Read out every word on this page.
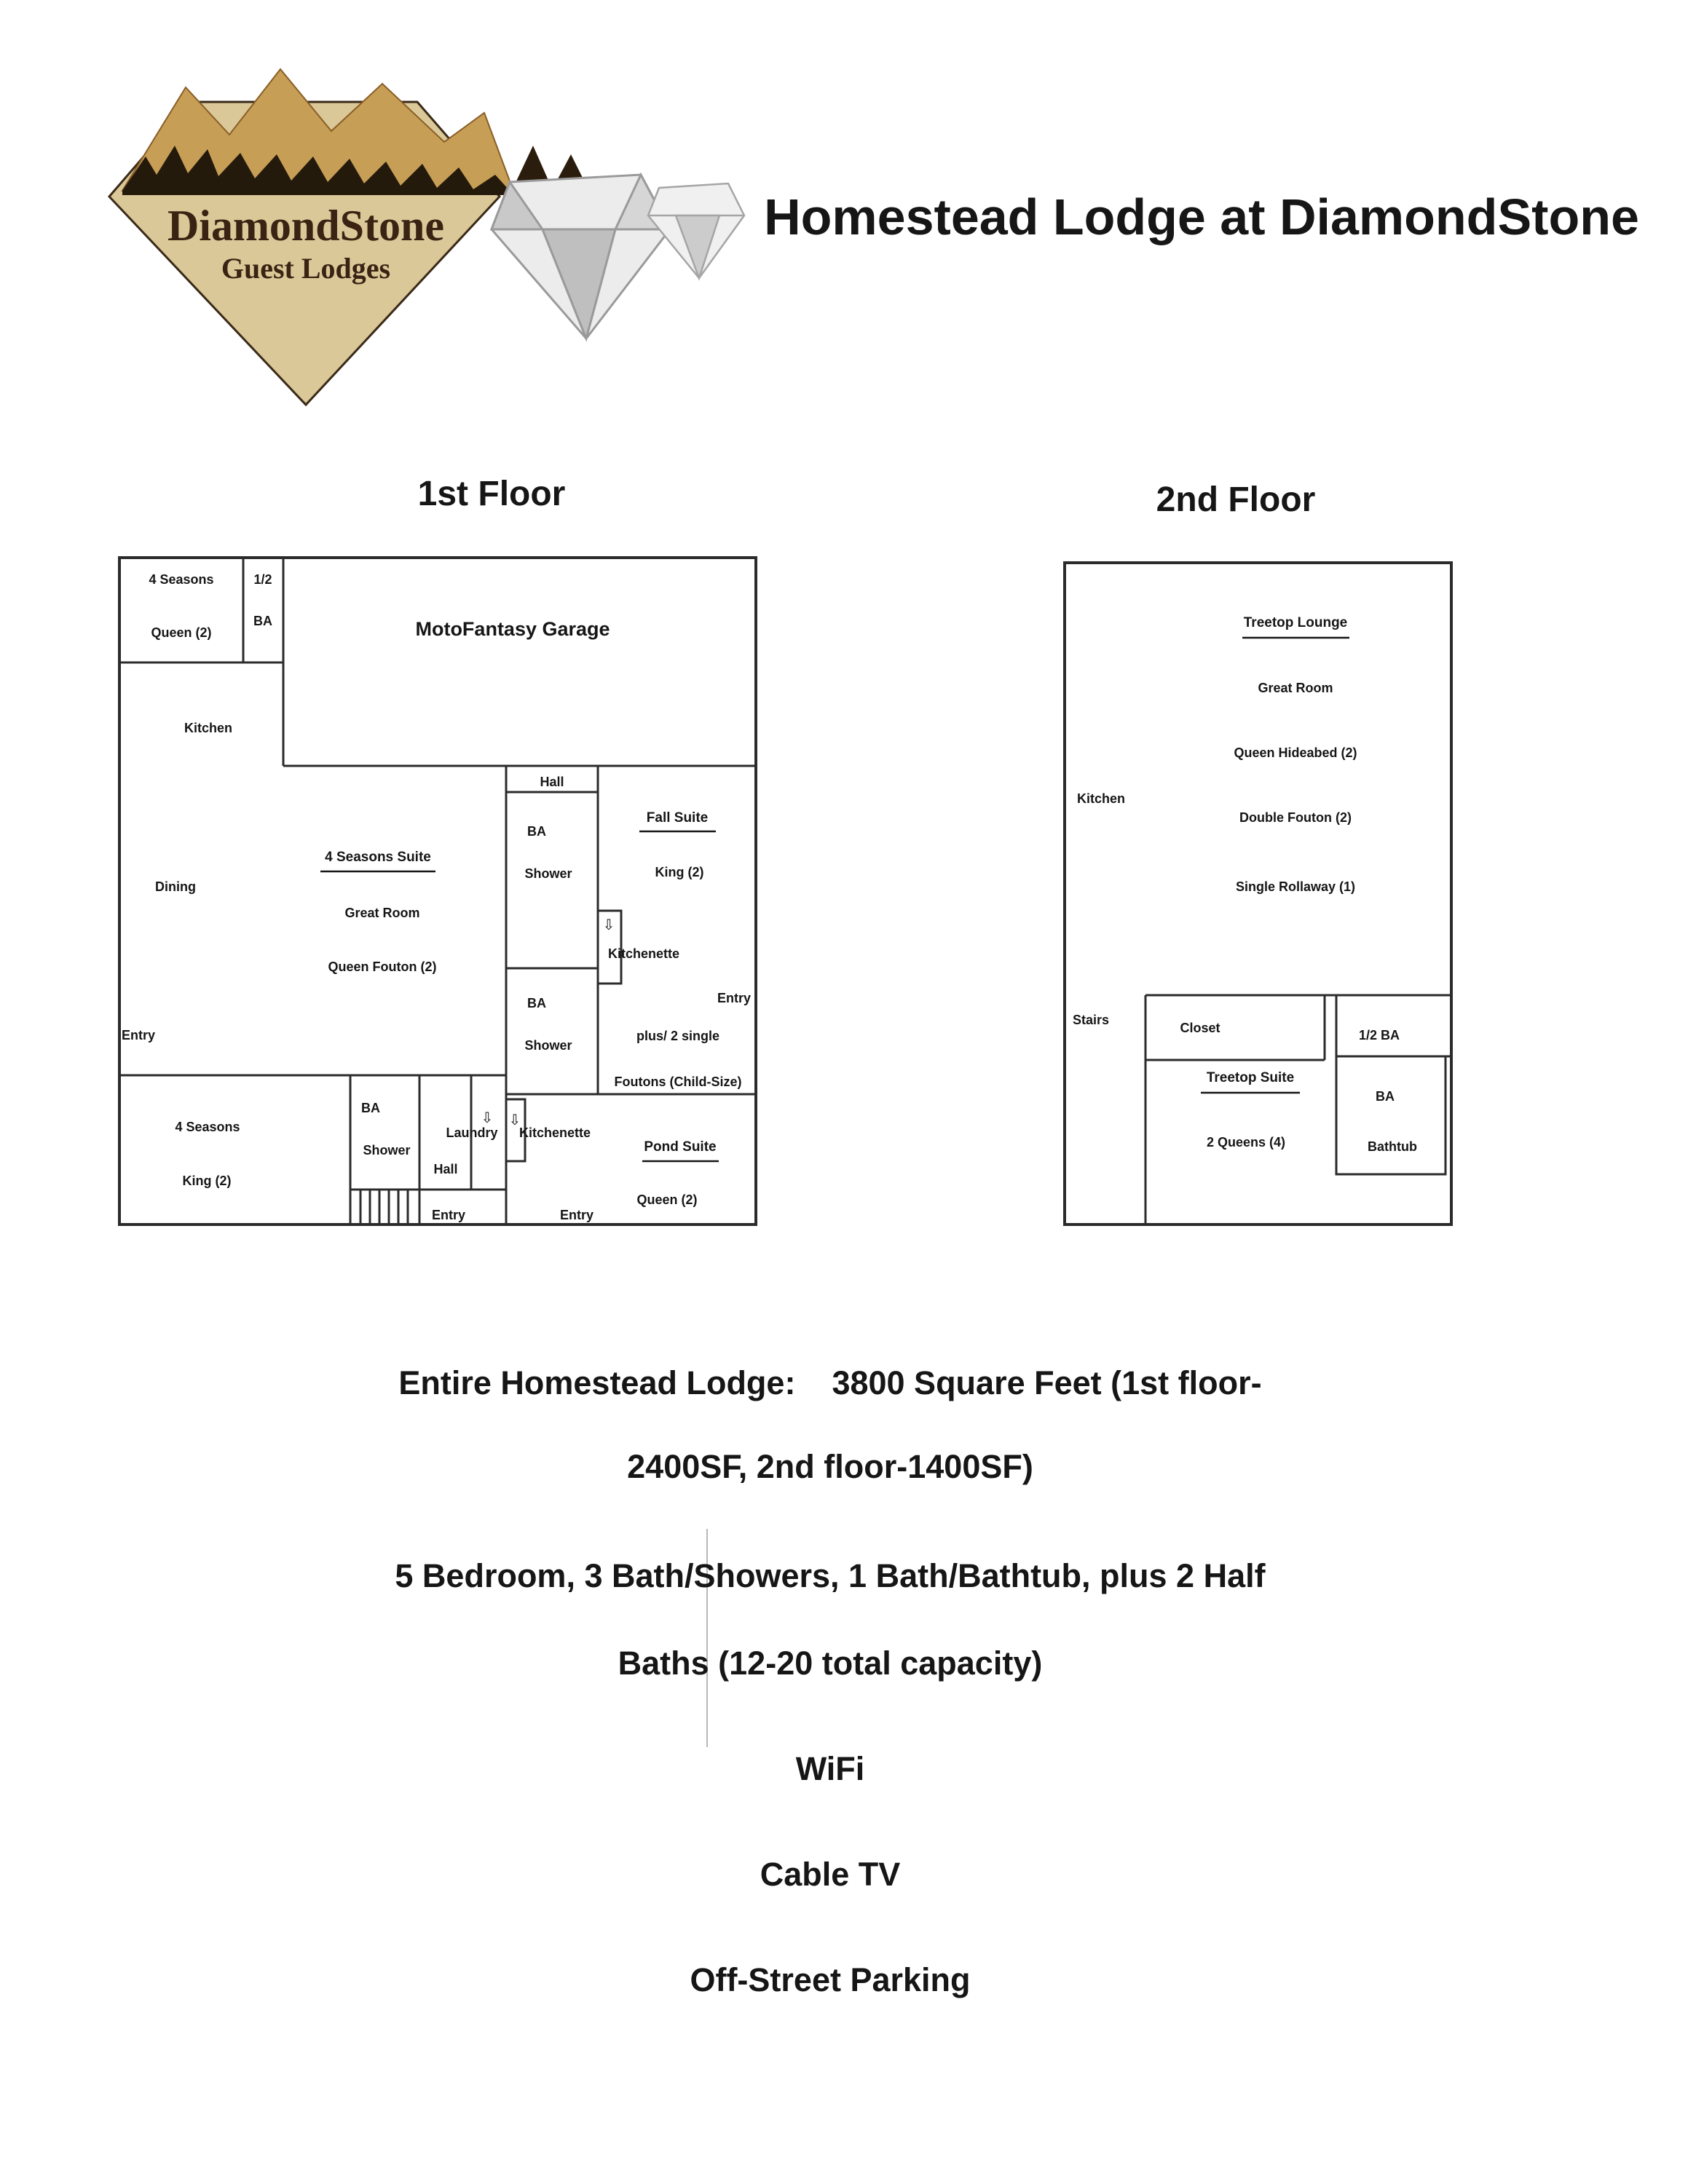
DiamondStone
Guest Lodges
Homestead Lodge at DiamondStone
1st Floor	2nd Floor
4 Seasons
Queen (2)
1/2
BA	MotoFantasy Garage
Kitchen
Hall
BA
Shower
⇩
Kitchenette
Fall Suite
King (2)
Entry
plus/ 2 single
Foutons (Child-Size)
BA
Shower
4 Seasons Suite
Great Room
Queen Fouton (2)
Entry
Dining
4 Seasons
King (2)
BA
Shower
⇩
Laundry
Hall
⇩
Kitchenette
Pond Suite
Queen (2)
Entry	Entry
Treetop Lounge
Great Room
Queen Hideabed (2)
Kitchen
Double Fouton (2)
Single Rollaway (1)
Closet	1/2 BA
Stairs
BA
Bathtub
Treetop Suite
2 Queens (4)
Entire Homestead Lodge:    3800 Square Feet (1st floor-
2400SF, 2nd floor-1400SF)
5 Bedroom, 3 Bath/Showers, 1 Bath/Bathtub, plus 2 Half
Baths (12-20 total capacity)
WiFi
Cable TV
Off-Street Parking
